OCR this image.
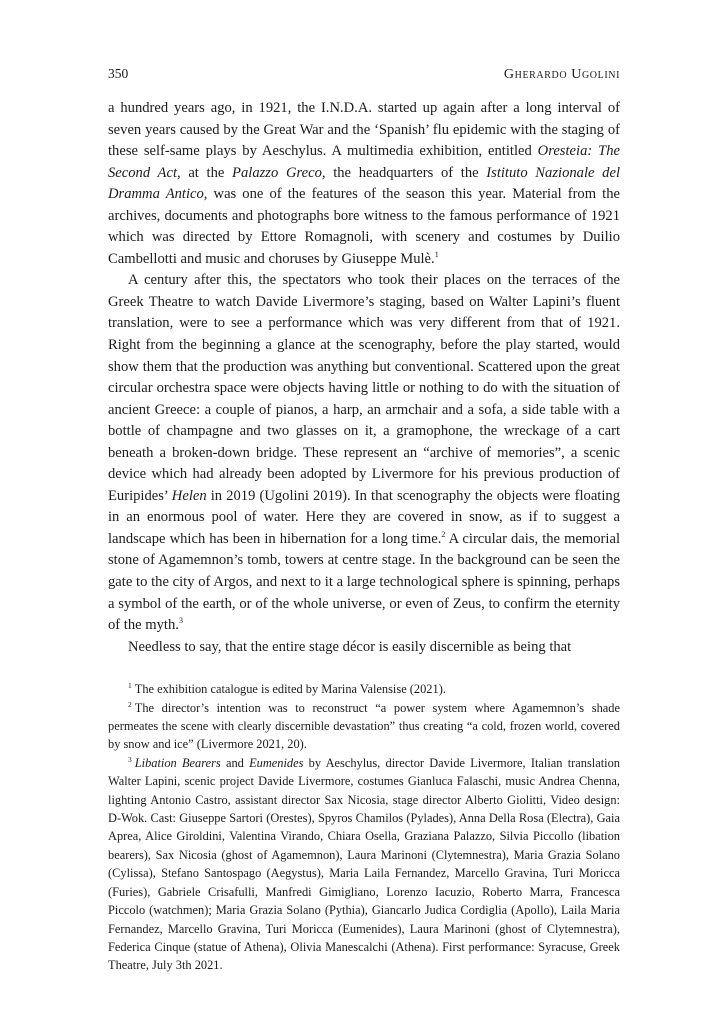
350	Gherardo Ugolini

a hundred years ago, in 1921, the I.N.D.A. started up again after a long interval of seven years caused by the Great War and the ‘Spanish’ flu epidemic with the staging of these self-same plays by Aeschylus. A multimedia exhibition, entitled Oresteia: The Second Act, at the Palazzo Greco, the headquarters of the Istituto Nazionale del Dramma Antico, was one of the features of the season this year. Material from the archives, documents and photographs bore witness to the famous performance of 1921 which was directed by Ettore Romagnoli, with scenery and costumes by Duilio Cambellotti and music and choruses by Giuseppe Mulè.$^1$

A century after this, the spectators who took their places on the terraces of the Greek Theatre to watch Davide Livermore’s staging, based on Walter Lapini’s fluent translation, were to see a performance which was very different from that of 1921. Right from the beginning a glance at the scenography, before the play started, would show them that the production was anything but conventional. Scattered upon the great circular orchestra space were objects having little or nothing to do with the situation of ancient Greece: a couple of pianos, a harp, an armchair and a sofa, a side table with a bottle of champagne and two glasses on it, a gramophone, the wreckage of a cart beneath a broken-down bridge. These represent an “archive of memories”, a scenic device which had already been adopted by Livermore for his previous production of Euripides’ Helen in 2019 (Ugolini 2019). In that scenography the objects were floating in an enormous pool of water. Here they are covered in snow, as if to suggest a landscape which has been in hibernation for a long time.$^2$ A circular dais, the memorial stone of Agamemnon’s tomb, towers at centre stage. In the background can be seen the gate to the city of Argos, and next to it a large technological sphere is spinning, perhaps a symbol of the earth, or of the whole universe, or even of Zeus, to confirm the eternity of the myth.$^3$

Needless to say, that the entire stage décor is easily discernible as being that

$^1$ The exhibition catalogue is edited by Marina Valensise (2021).

$^2$ The director’s intention was to reconstruct “a power system where Agamemnon’s shade permeates the scene with clearly discernible devastation” thus creating “a cold, frozen world, covered by snow and ice” (Livermore 2021, 20).

$^3$ Libation Bearers and Eumenides by Aeschylus, director Davide Livermore, Italian translation Walter Lapini, scenic project Davide Livermore, costumes Gianluca Falaschi, music Andrea Chenna, lighting Antonio Castro, assistant director Sax Nicosia, stage director Alberto Giolitti, Video design: D-Wok. Cast: Giuseppe Sartori (Orestes), Spyros Chamilos (Pylades), Anna Della Rosa (Electra), Gaia Aprea, Alice Giroldini, Valentina Virando, Chiara Osella, Graziana Palazzo, Silvia Piccollo (libation bearers), Sax Nicosia (ghost of Agamemnon), Laura Marinoni (Clytemnestra), Maria Grazia Solano (Cylissa), Stefano Santospago (Aegystus), Maria Laila Fernandez, Marcello Gravina, Turi Moricca (Furies), Gabriele Crisafulli, Manfredi Gimigliano, Lorenzo Iacuzio, Roberto Marra, Francesca Piccolo (watchmen); Maria Grazia Solano (Pythia), Giancarlo Judica Cordiglia (Apollo), Laila Maria Fernandez, Marcello Gravina, Turi Moricca (Eumenides), Laura Marinoni (ghost of Clytemnestra), Federica Cinque (statue of Athena), Olivia Manescalchi (Athena). First performance: Syracuse, Greek Theatre, July 3th 2021.
